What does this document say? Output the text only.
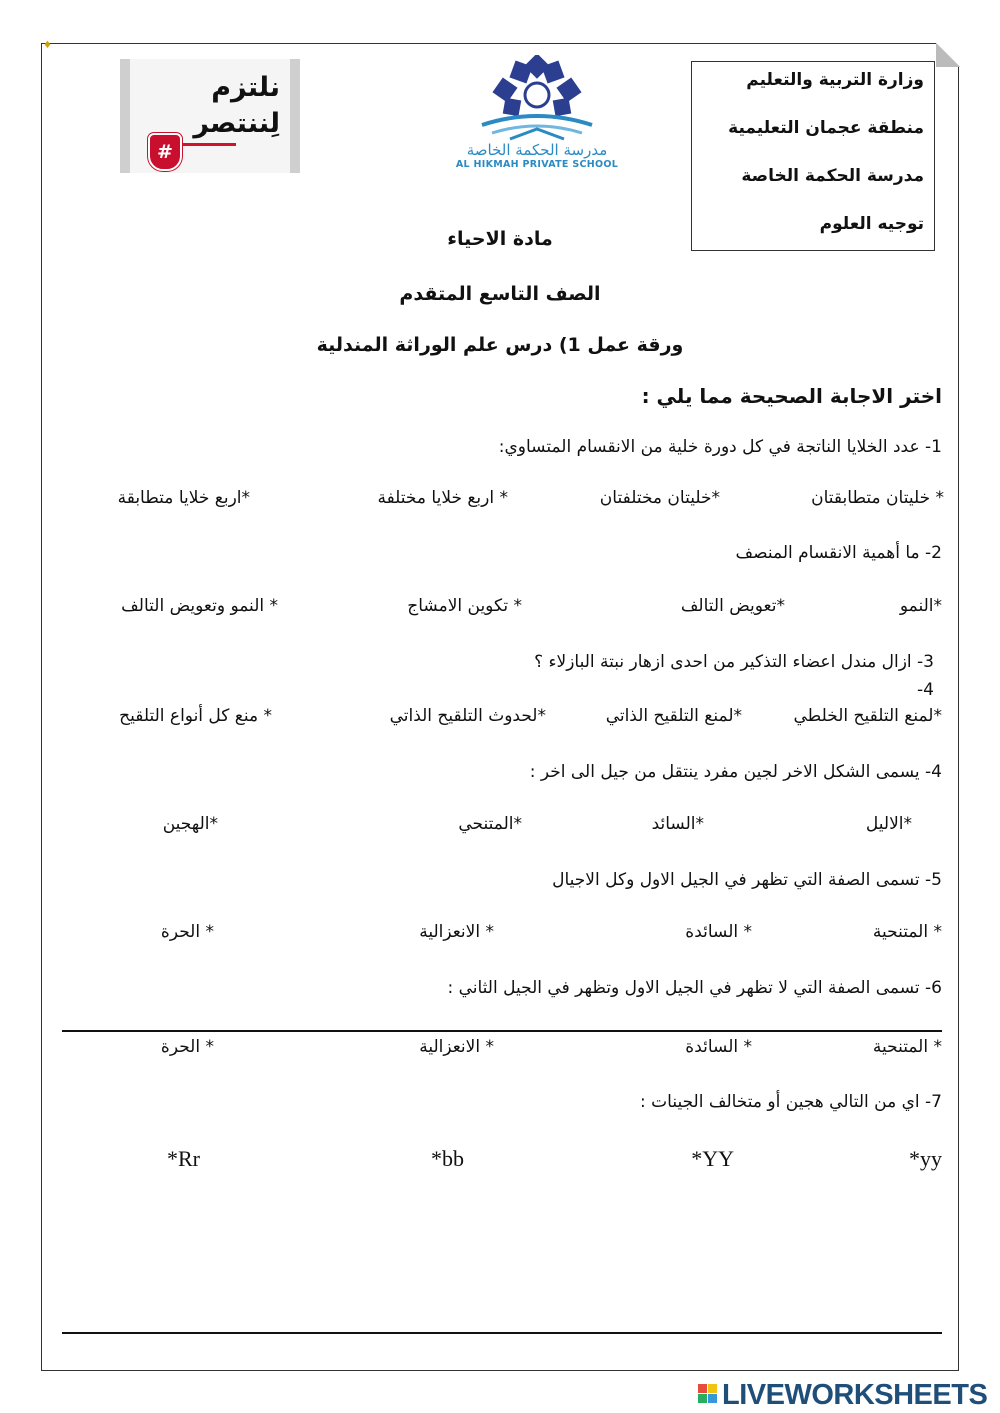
♦
وزارة التربية والتعليم
منطقة عجمان التعليمية
مدرسة الحكمة الخاصة
توجيه العلوم
نلتزم
لِننتصر
#	مدرسة الحكمة الخاصة
AL HIKMAH PRIVATE SCHOOL
مادة الاحياء
الصف التاسع المتقدم
ورقة عمل 1) درس علم الوراثة المندلية
اختر الاجابة الصحيحة مما يلي :
1- عدد الخلايا الناتجة في كل دورة خلية من الانقسام المتساوي:
* خليتان متطابقتان
*خليتان مختلفتان
* اربع خلايا مختلفة
*اربع خلايا متطابقة
2- ما أهمية الانقسام المنصف
*النمو
*تعويض التالف
* تكوين الامشاج
* النمو وتعويض التالف
3- ازال مندل اعضاء التذكير من احدى ازهار نبتة البازلاء ؟
4-
*لمنع التلقيح الخلطي
*لمنع التلقيح الذاتي
*لحدوث التلقيح الذاتي
* منع كل أنواع التلقيح
4- يسمى الشكل الاخر لجين مفرد ينتقل من جيل الى اخر :
*الاليل
*السائد
*المتنحي
*الهجين
5- تسمى الصفة التي تظهر في الجيل الاول وكل الاجيال
* المتنحية
* السائدة
* الانعزالية
* الحرة
6- تسمى الصفة التي لا تظهر في الجيل الاول وتظهر في الجيل الثاني :
* المتنحية
* السائدة
* الانعزالية
* الحرة
7- اي من التالي هجين أو متخالف الجينات :
yy*
YY*
bb*
Rr*
LIVEWORKSHEETS
